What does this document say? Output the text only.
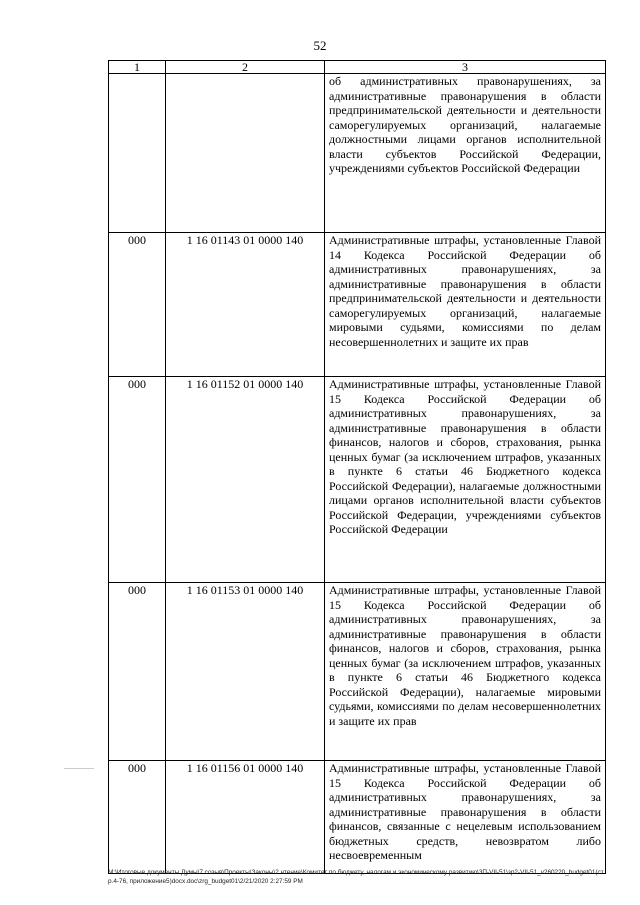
52
1	2	3
		об административных правонарушениях, за административные правонарушения в области предпринимательской деятельности и деятельности саморегулируемых организаций, налагаемые должностными лицами органов исполнительной власти субъектов Российской Федерации, учреждениями субъектов Российской Федерации
000	1 16 01143 01 0000 140	Административные штрафы, установленные Главой 14 Кодекса Российской Федерации об административных правонарушениях, за административные правонарушения в области предпринимательской деятельности и деятельности саморегулируемых организаций, налагаемые мировыми судьями, комиссиями по делам несовершеннолетних и защите их прав
000	1 16 01152 01 0000 140	Административные штрафы, установленные Главой 15 Кодекса Российской Федерации об административных правонарушениях, за административные правонарушения в области финансов, налогов и сборов, страхования, рынка ценных бумаг (за исключением штрафов, указанных в пункте 6 статьи 46 Бюджетного кодекса Российской Федерации), налагаемые должностными лицами органов исполнительной власти субъектов Российской Федерации, учреждениями субъектов Российской Федерации
000	1 16 01153 01 0000 140	Административные штрафы, установленные Главой 15 Кодекса Российской Федерации об административных правонарушениях, за административные правонарушения в области финансов, налогов и сборов, страхования, рынка ценных бумаг (за исключением штрафов, указанных в пункте 6 статьи 46 Бюджетного кодекса Российской Федерации), налагаемые мировыми судьями, комиссиями по делам несовершеннолетних и защите их прав
000	1 16 01156 01 0000 140	Административные штрафы, установленные Главой 15 Кодекса Российской Федерации об административных правонарушениях, за административные правонарушения в области финансов, связанные с нецелевым использованием бюджетных средств, невозвратом либо несвоевременным
M:\Итоговые документы Думы\7 созыв\Проекты\Законы\2 чтение\Комитет по бюджету, налогам и экономическому развитию\3П-VII-51\зр2-VII-51_v260220_budget01(стр.4-76, приложение5)docx.doc\zrg_budget01\2/21/2020 2:27:59 PM
